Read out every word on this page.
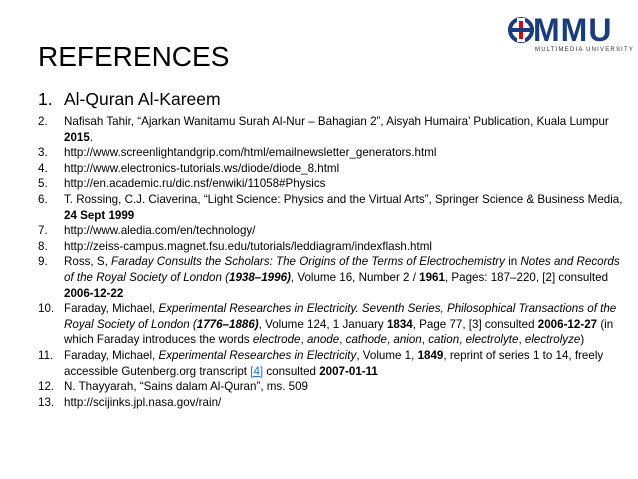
MMU
MULTIMEDIA UNIVERSITY
REFERENCES
1. Al-Quran Al-Kareem
2.	Nafisah Tahir, “Ajarkan Wanitamu Surah Al-Nur – Bahagian 2”, Aisyah Humaira’ Publication, Kuala Lumpur 2015.
3.	http://www.screenlightandgrip.com/html/emailnewsletter_generators.html
4.	http://www.electronics-tutorials.ws/diode/diode_8.html
5.	http://en.academic.ru/dic.nsf/enwiki/11058#Physics
6.	T. Rossing, C.J. Ciaverina, “Light Science: Physics and the Virtual Arts”, Springer Science & Business Media, 24 Sept 1999
7.	http://www.aledia.com/en/technology/
8.	http://zeiss-campus.magnet.fsu.edu/tutorials/leddiagram/indexflash.html
9.	Ross, S, Faraday Consults the Scholars: The Origins of the Terms of Electrochemistry in Notes and Records of the Royal Society of London (1938–1996), Volume 16, Number 2 / 1961, Pages: 187–220, [2] consulted 2006-12-22
10. Faraday, Michael, Experimental Researches in Electricity. Seventh Series, Philosophical Transactions of the Royal Society of London (1776–1886), Volume 124, 1 January 1834, Page 77, [3] consulted 2006-12-27 (in which Faraday introduces the words electrode, anode, cathode, anion, cation, electrolyte, electrolyze)
11. Faraday, Michael, Experimental Researches in Electricity, Volume 1, 1849, reprint of series 1 to 14, freely accessible Gutenberg.org transcript [4] consulted 2007-01-11
12. N. Thayyarah, “Sains dalam Al-Quran”, ms. 509
13. http://scijinks.jpl.nasa.gov/rain/
